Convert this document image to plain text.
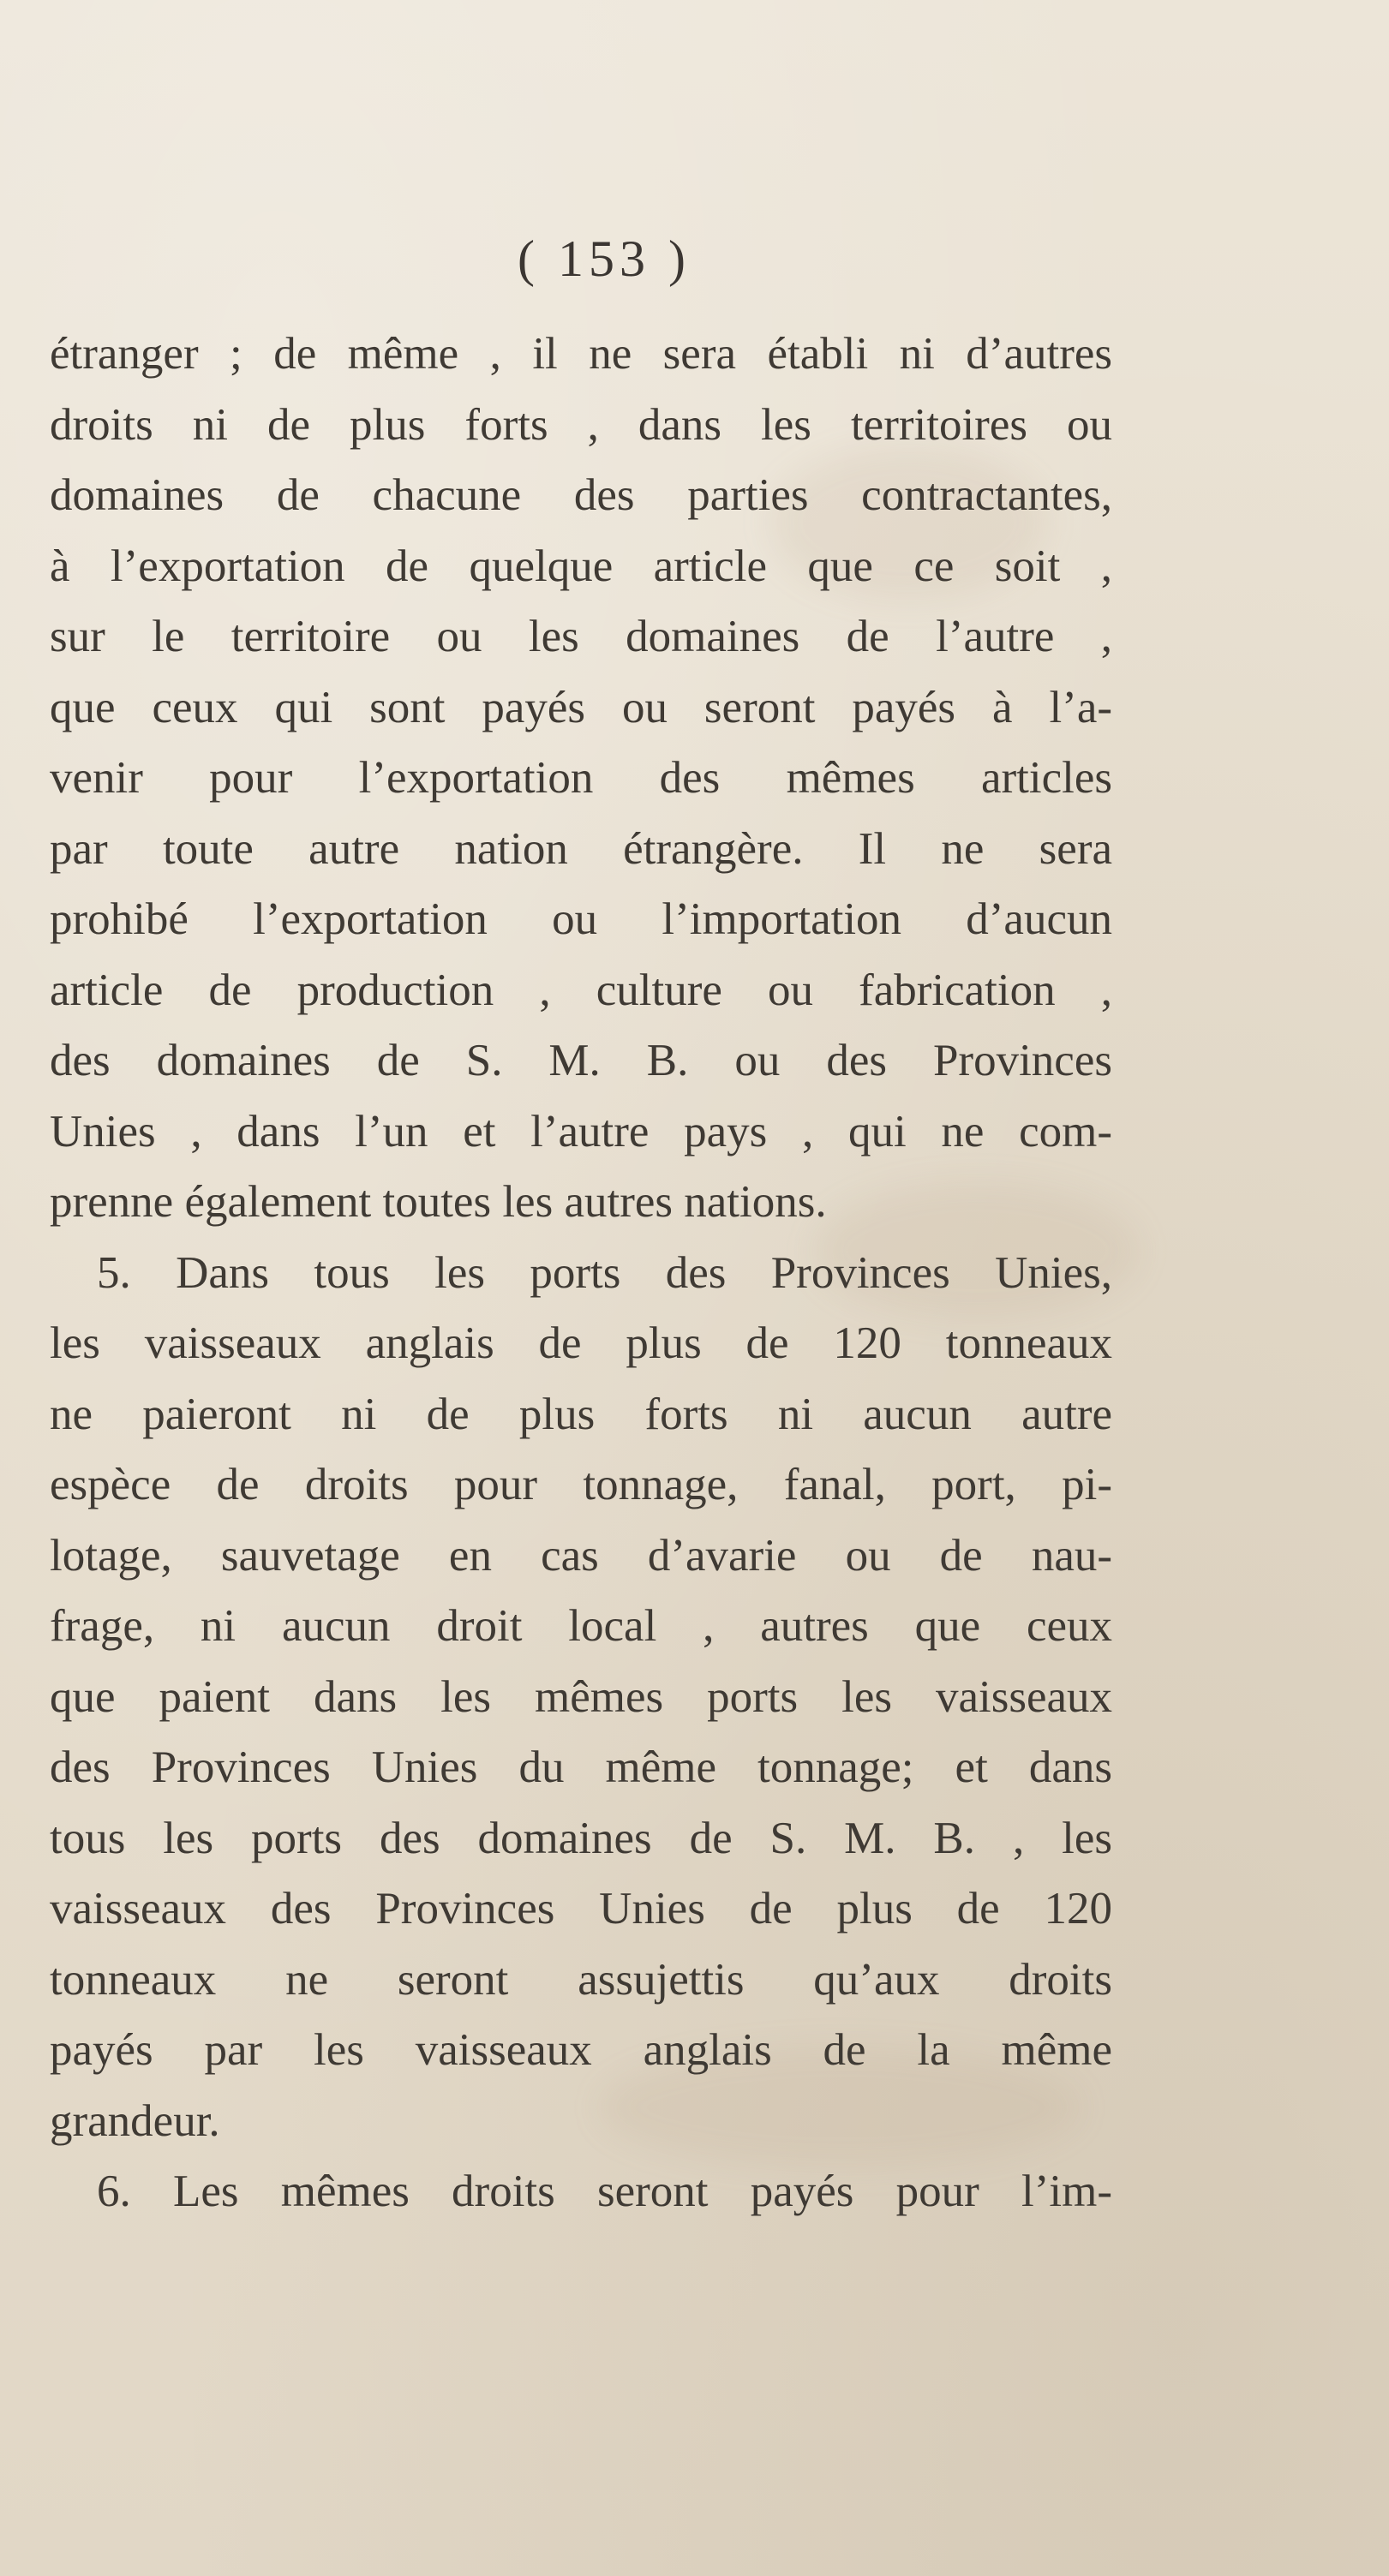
( 153 )
étranger ; de même , il ne sera établi ni d’autres
droits ni de plus forts , dans les territoires ou
domaines de chacune des parties contractantes,
à l’exportation de quelque article que ce soit ,
sur le territoire ou les domaines de l’autre ,
que ceux qui sont payés ou seront payés à l’a-
venir pour l’exportation des mêmes articles
par toute autre nation étrangère. Il ne sera
prohibé l’exportation ou l’importation d’aucun
article de production , culture ou fabrication ,
des domaines de S. M. B. ou des Provinces
Unies , dans l’un et l’autre pays , qui ne com-
prenne également toutes les autres nations.
5. Dans tous les ports des Provinces Unies,
les vaisseaux anglais de plus de 120 tonneaux
ne paieront ni de plus forts ni aucun autre
espèce de droits pour tonnage, fanal, port, pi-
lotage, sauvetage en cas d’avarie ou de nau-
frage, ni aucun droit local , autres que ceux
que paient dans les mêmes ports les vaisseaux
des Provinces Unies du même tonnage; et dans
tous les ports des domaines de S. M. B. , les
vaisseaux des Provinces Unies de plus de 120
tonneaux ne seront assujettis qu’aux droits
payés par les vaisseaux anglais de la même
grandeur.
6. Les mêmes droits seront payés pour l’im-
